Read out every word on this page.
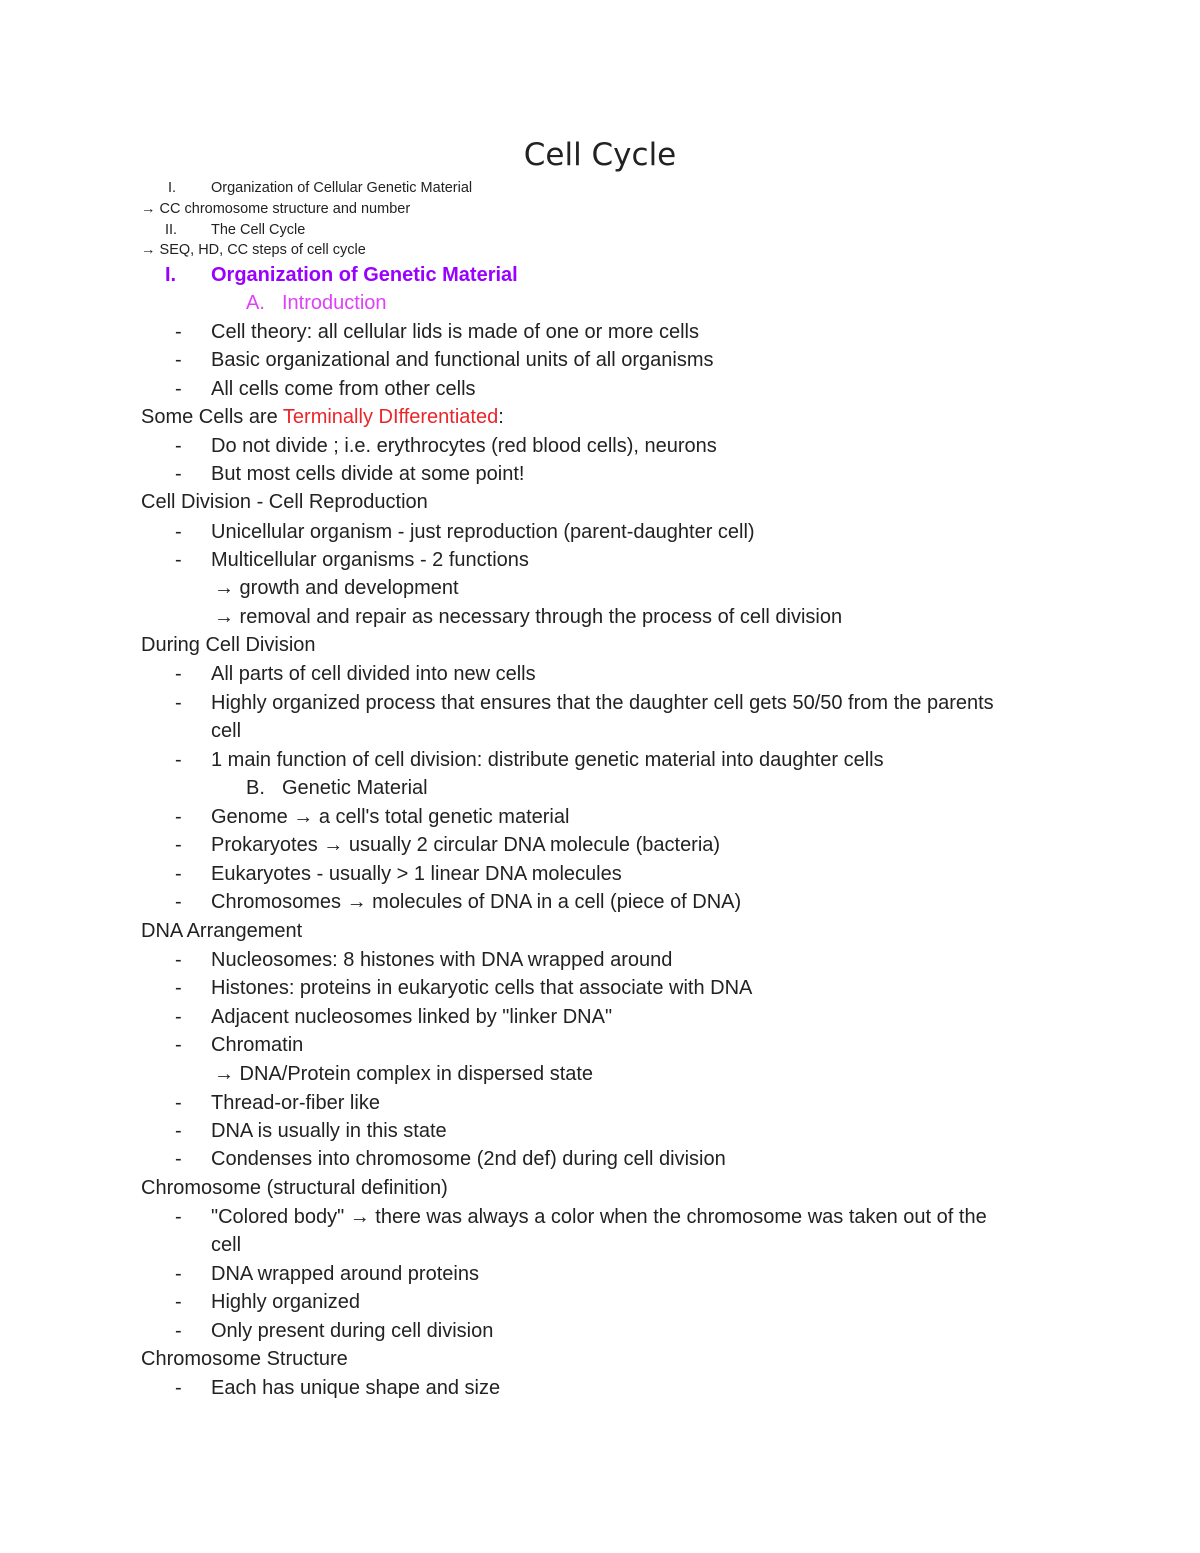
Cell Cycle
I. Organization of Cellular Genetic Material
→ CC chromosome structure and number
II. The Cell Cycle
→ SEQ, HD, CC steps of cell cycle
I. Organization of Genetic Material
A. Introduction
- Cell theory: all cellular lids is made of one or more cells
- Basic organizational and functional units of all organisms
- All cells come from other cells
Some Cells are Terminally DIfferentiated:
- Do not divide ; i.e. erythrocytes (red blood cells), neurons
- But most cells divide at some point!
Cell Division - Cell Reproduction
- Unicellular organism - just reproduction (parent-daughter cell)
- Multicellular organisms - 2 functions
→ growth and development
→ removal and repair as necessary through the process of cell division
During Cell Division
- All parts of cell divided into new cells
- Highly organized process that ensures that the daughter cell gets 50/50 from the parents
cell
- 1 main function of cell division: distribute genetic material into daughter cells
B. Genetic Material
- Genome → a cell's total genetic material
- Prokaryotes → usually 2 circular DNA molecule (bacteria)
- Eukaryotes - usually > 1 linear DNA molecules
- Chromosomes → molecules of DNA in a cell (piece of DNA)
DNA Arrangement
- Nucleosomes: 8 histones with DNA wrapped around
- Histones: proteins in eukaryotic cells that associate with DNA
- Adjacent nucleosomes linked by "linker DNA"
- Chromatin
→ DNA/Protein complex in dispersed state
- Thread-or-fiber like
- DNA is usually in this state
- Condenses into chromosome (2nd def) during cell division
Chromosome (structural definition)
- "Colored body" → there was always a color when the chromosome was taken out of the
cell
- DNA wrapped around proteins
- Highly organized
- Only present during cell division
Chromosome Structure
- Each has unique shape and size
